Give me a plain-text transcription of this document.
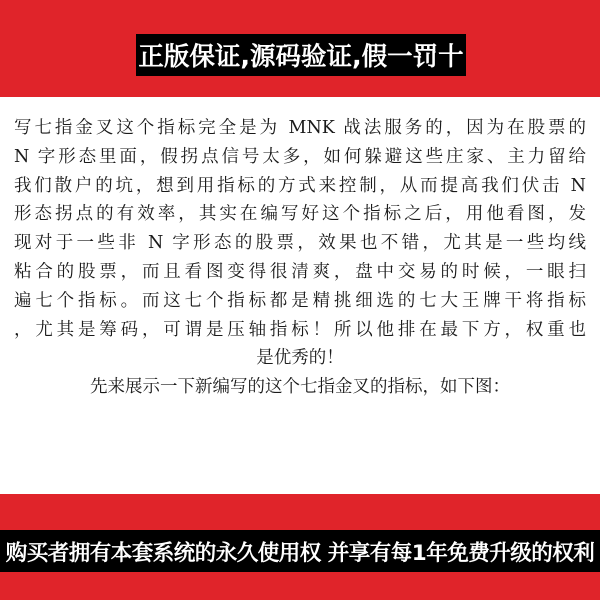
正版保证,源码验证,假一罚十
写七指金叉这个指标完全是为 MNK 战法服务的，因为在股票的
N 字形态里面，假拐点信号太多，如何躲避这些庄家、主力留给
我们散户的坑，想到用指标的方式来控制，从而提高我们伏击 N
形态拐点的有效率，其实在编写好这个指标之后，用他看图，发
现对于一些非 N 字形态的股票，效果也不错，尤其是一些均线
粘合的股票，而且看图变得很清爽，盘中交易的时候，一眼扫
遍七个指标。而这七个指标都是精挑细选的七大王牌干将指标
，尤其是筹码，可谓是压轴指标！所以他排在最下方，权重也
是优秀的！
先来展示一下新编写的这个七指金叉的指标，如下图：
购买者拥有本套系统的永久使用权 并享有每1年免费升级的权利
